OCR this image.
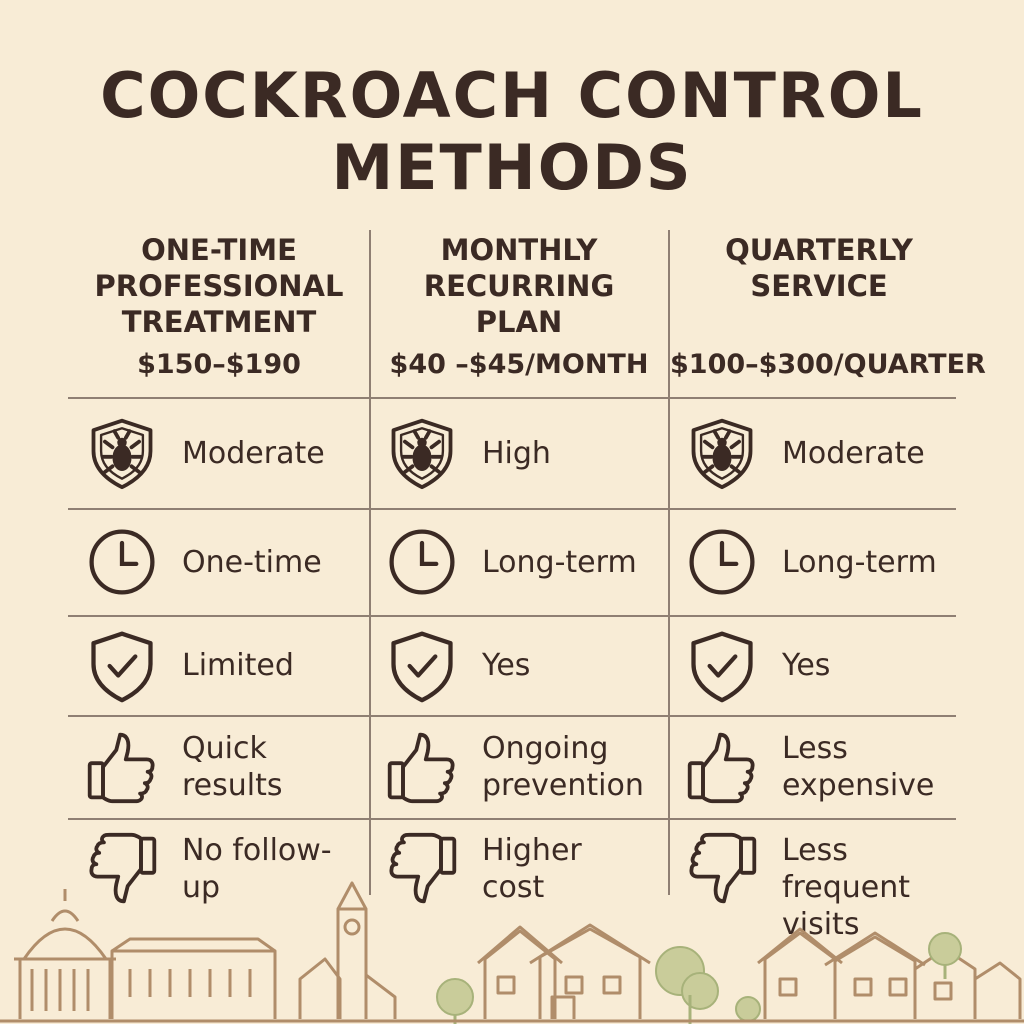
COCKROACH CONTROL
METHODS
ONE-TIME
PROFESSIONAL
TREATMENT
$150–$190
Moderate
One-time
Limited
Quick
results
No follow-
up
MONTHLY
RECURRING
PLAN
$40 –$45/MONTH
High
Long-term
Yes
Ongoing
prevention
Higher
cost
QUARTERLY
SERVICE
$100–$300/QUARTER
Moderate
Long-term
Yes
Less
expensive
Less frequent
visits
